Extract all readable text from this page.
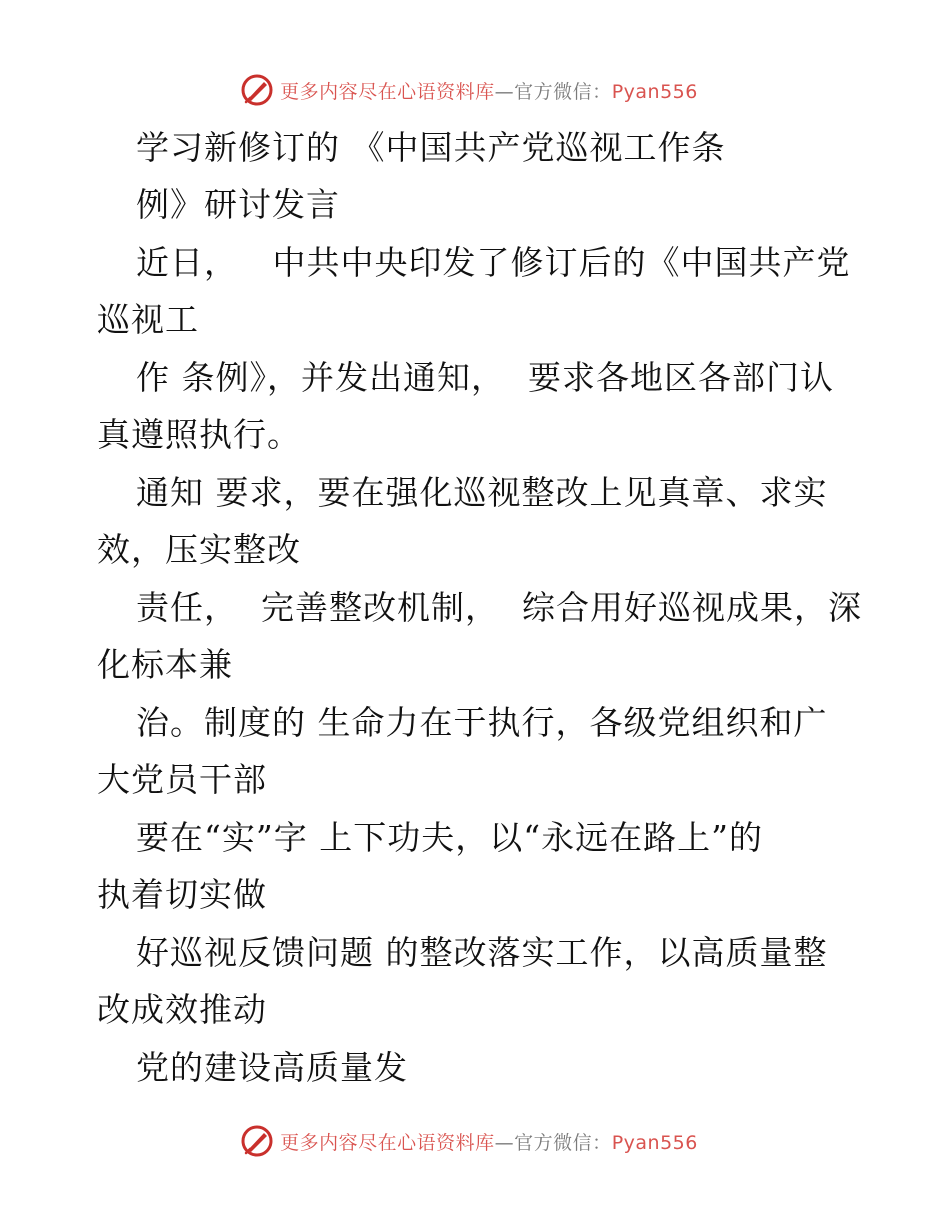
更多内容尽在心语资料库—官方微信：Pyan556
学习新修订的 《中国共产党巡视工作条
例》研讨发言
近日，   中共中央印发了修订后的《中国共产党
巡视工
作 条例》，并发出通知，  要求各地区各部门认
真遵照执行。
通知 要求，要在强化巡视整改上见真章、求实
效，压实整改
责任，  完善整改机制，  综合用好巡视成果，深
化标本兼
治。制度的 生命力在于执行，各级党组织和广
大党员干部
要在“实”字 上下功夫，以“永远在路上”的
执着切实做
好巡视反馈问题 的整改落实工作，以高质量整
改成效推动
党的建设高质量发
更多内容尽在心语资料库—官方微信：Pyan556
